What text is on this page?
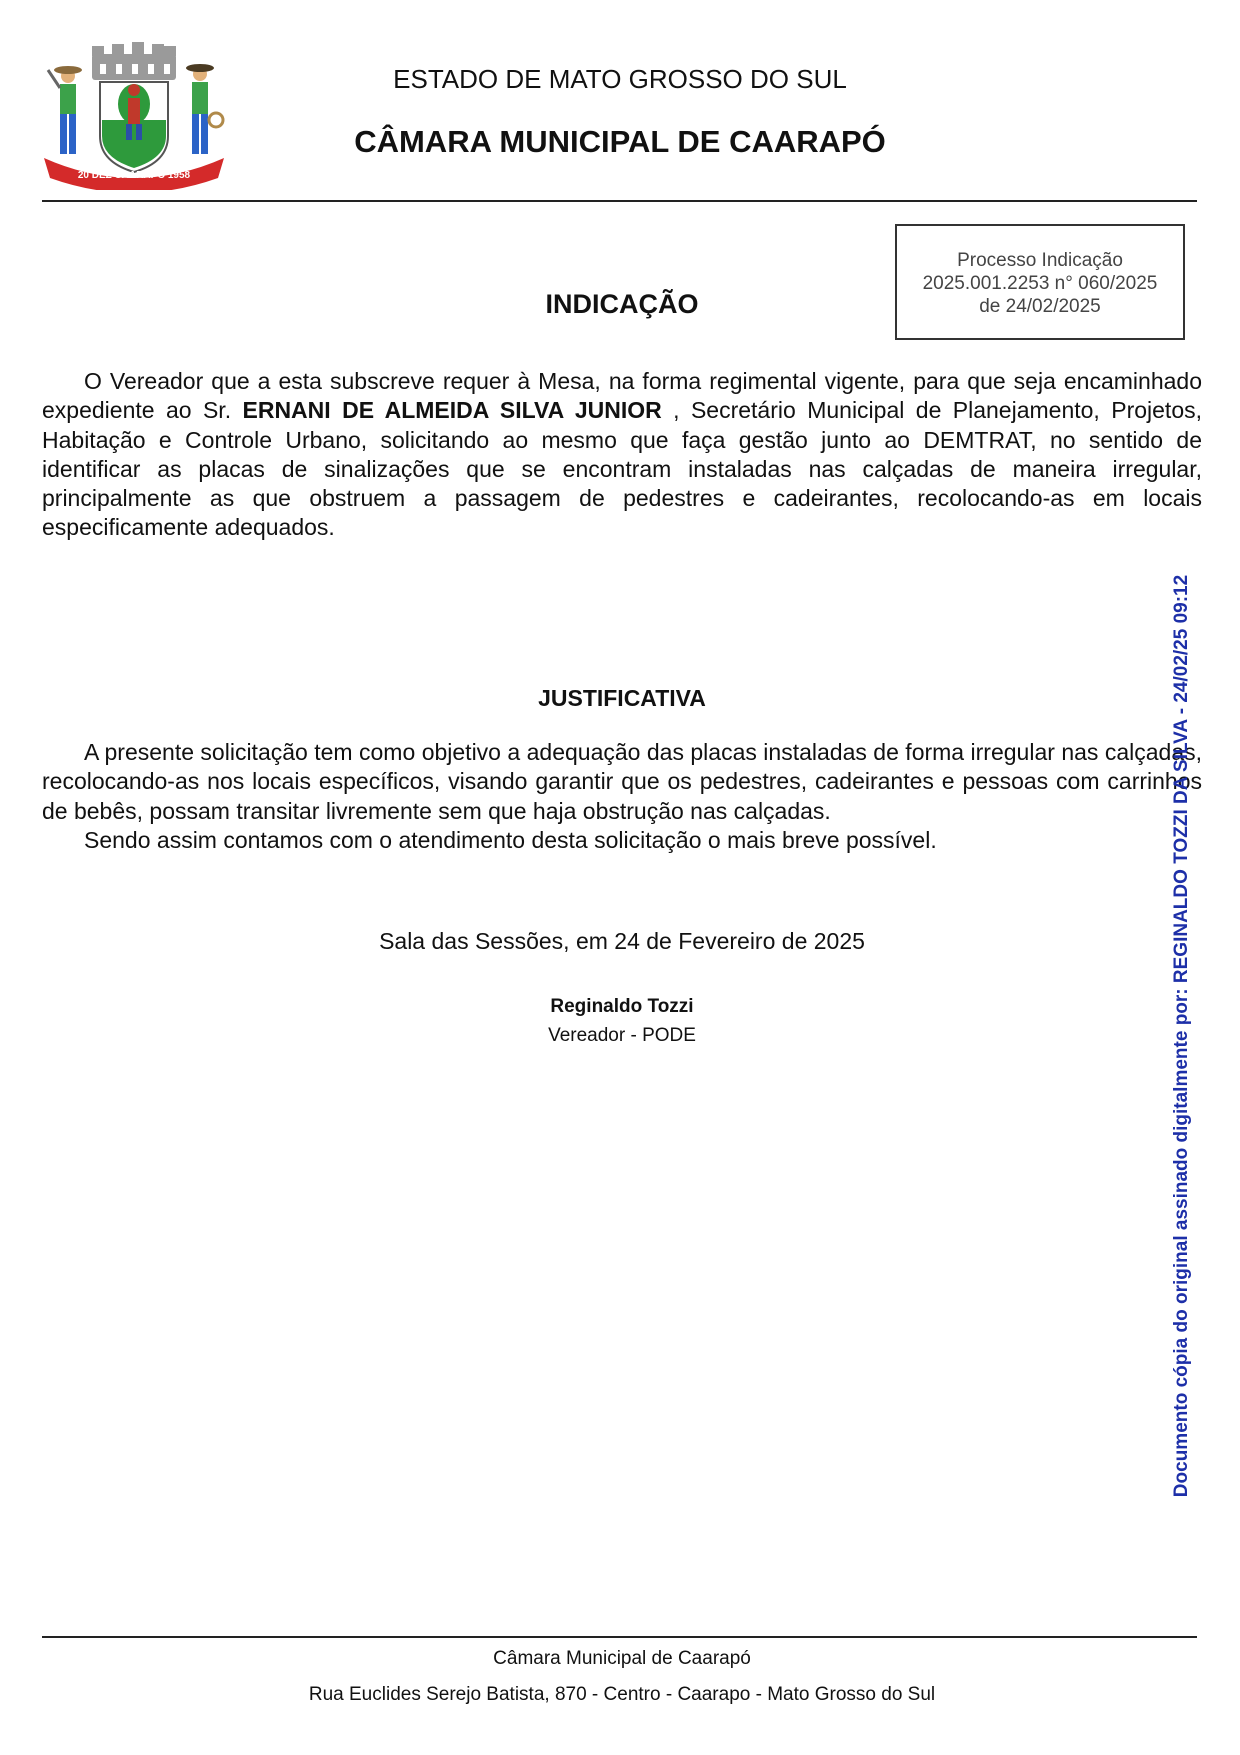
20 DEZ CAARAPÓ 1958
ESTADO DE MATO GROSSO DO SUL
CÂMARA MUNICIPAL DE CAARAPÓ
Processo Indicação
2025.001.2253 n° 060/2025
de 24/02/2025
INDICAÇÃO

O Vereador que a esta subscreve requer à Mesa, na forma regimental vigente, para que seja encaminhado expediente ao Sr. ERNANI DE ALMEIDA SILVA JUNIOR , Secretário Municipal de Planejamento, Projetos, Habitação e Controle Urbano, solicitando ao mesmo que faça gestão junto ao DEMTRAT, no sentido de identificar as placas de sinalizações que se encontram instaladas nas calçadas de maneira irregular, principalmente as que obstruem a passagem de pedestres e cadeirantes, recolocando-as em locais especificamente adequados.

JUSTIFICATIVA

A presente solicitação tem como objetivo a adequação das placas instaladas de forma irregular nas calçadas, recolocando-as nos locais específicos, visando garantir que os pedestres, cadeirantes e pessoas com carrinhos de bebês, possam transitar livremente sem que haja obstrução nas calçadas.

Sendo assim contamos com o atendimento desta solicitação o mais breve possível.

Sala das Sessões, em 24 de Fevereiro de 2025
Reginaldo Tozzi
Vereador - PODE
Câmara Municipal de Caarapó
Rua Euclides Serejo Batista, 870 - Centro - Caarapo - Mato Grosso do Sul
Documento cópia do original assinado digitalmente por: REGINALDO TOZZI DA SILVA - 24/02/25 09:12
